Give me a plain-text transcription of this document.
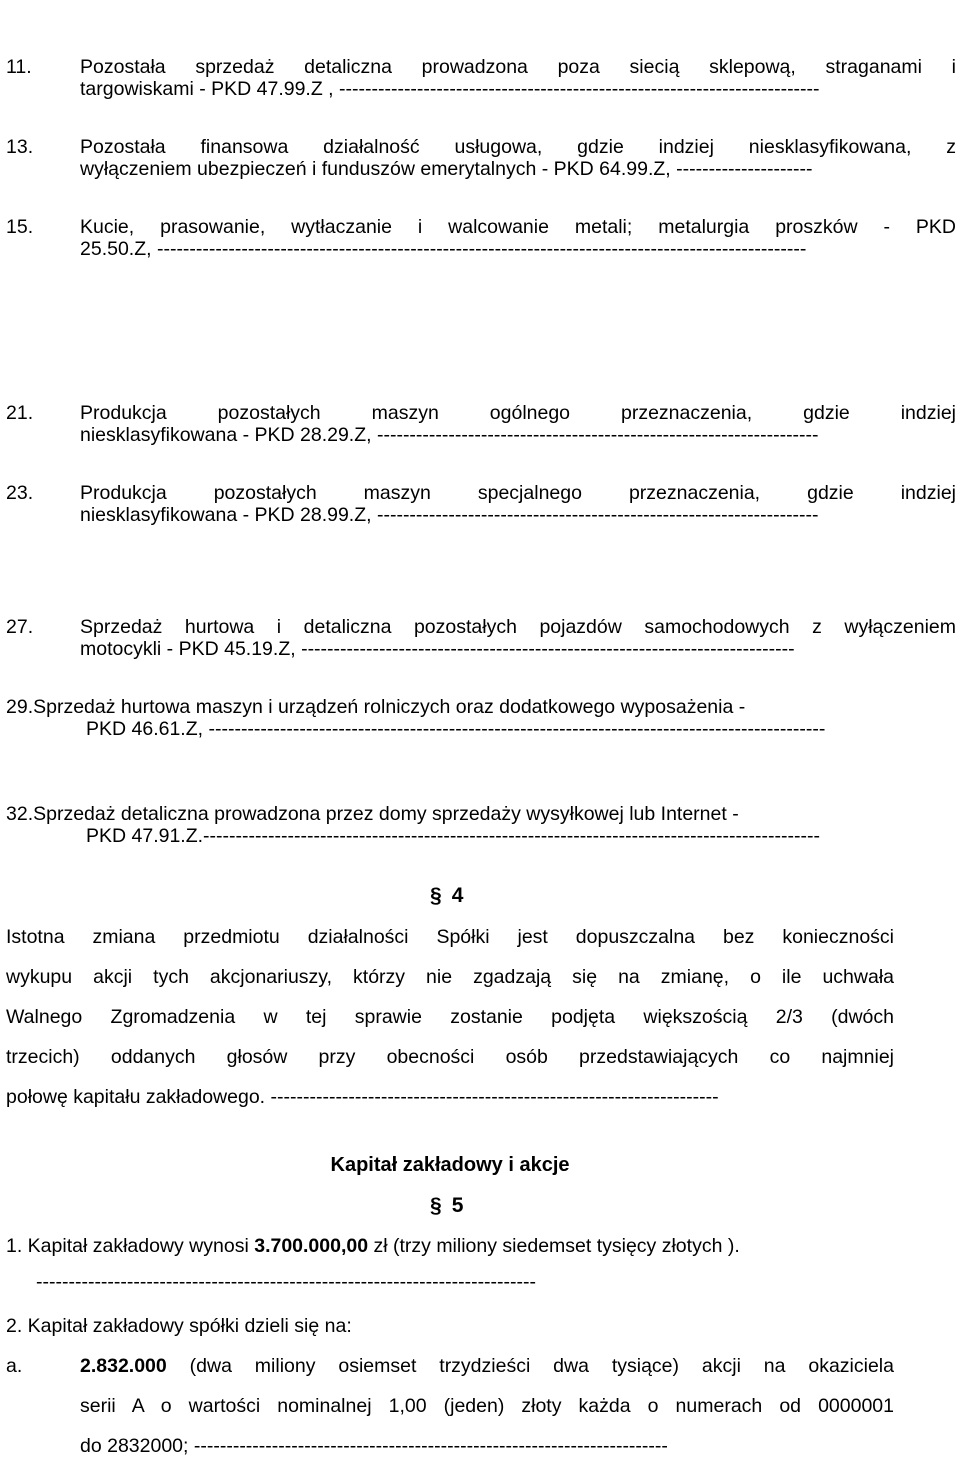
11. Pozostała sprzedaż detaliczna prowadzona poza siecią sklepową, straganami i
targowiskami - PKD 47.99.Z , --------------------------------------------------------------------------
13. Pozostała finansowa działalność usługowa, gdzie indziej niesklasyfikowana, z
wyłączeniem ubezpieczeń i funduszów emerytalnych - PKD 64.99.Z, ---------------------
15. Kucie, prasowanie, wytłaczanie i walcowanie metali; metalurgia proszków - PKD
25.50.Z, ----------------------------------------------------------------------------------------------------
21. Produkcja pozostałych maszyn ogólnego przeznaczenia, gdzie indziej
niesklasyfikowana - PKD 28.29.Z, --------------------------------------------------------------------
23. Produkcja pozostałych maszyn specjalnego przeznaczenia, gdzie indziej
niesklasyfikowana - PKD 28.99.Z, --------------------------------------------------------------------
27. Sprzedaż hurtowa i detaliczna pozostałych pojazdów samochodowych z wyłączeniem
motocykli - PKD 45.19.Z, ----------------------------------------------------------------------------
29.Sprzedaż hurtowa maszyn i urządzeń rolniczych oraz dodatkowego wyposażenia -
PKD 46.61.Z, -----------------------------------------------------------------------------------------------
32.Sprzedaż detaliczna prowadzona przez domy sprzedaży wysyłkowej lub Internet -
PKD 47.91.Z.-----------------------------------------------------------------------------------------------
§ 4
Istotna zmiana przedmiotu działalności Spółki jest dopuszczalna bez konieczności
wykupu akcji tych akcjonariuszy, którzy nie zgadzają się na zmianę, o ile uchwała
Walnego Zgromadzenia w tej sprawie zostanie podjęta większością 2/3 (dwóch
trzecich) oddanych głosów przy obecności osób przedstawiających co najmniej
połowę kapitału zakładowego. ---------------------------------------------------------------------
Kapitał zakładowy i akcje
§ 5
1. Kapitał zakładowy wynosi 3.700.000,00 zł (trzy miliony siedemset tysięcy złotych ).
-----------------------------------------------------------------------------
2. Kapitał zakładowy spółki dzieli się na:
a.	2.832.000 (dwa miliony osiemset trzydzieści dwa tysiące) akcji na okaziciela
serii A o wartości nominalnej 1,00 (jeden) złoty każda o numerach od 0000001
do 2832000; -------------------------------------------------------------------------
